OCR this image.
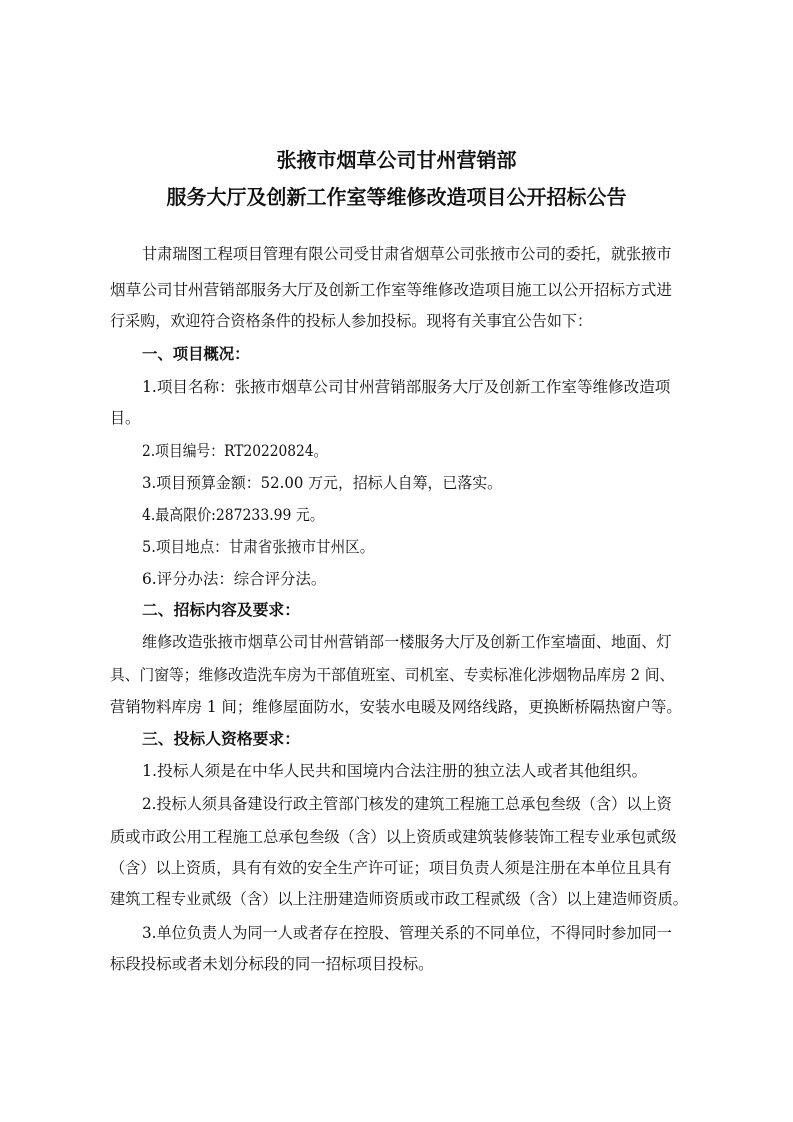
张掖市烟草公司甘州营销部
服务大厅及创新工作室等维修改造项目公开招标公告

甘肃瑞图工程项目管理有限公司受甘肃省烟草公司张掖市公司的委托，就张掖市

烟草公司甘州营销部服务大厅及创新工作室等维修改造项目施工以公开招标方式进

行采购，欢迎符合资格条件的投标人参加投标。现将有关事宜公告如下：

一、项目概况：

1.项目名称：张掖市烟草公司甘州营销部服务大厅及创新工作室等维修改造项

目。

2.项目编号：RT20220824。

3.项目预算金额：52.00 万元，招标人自筹，已落实。

4.最高限价:287233.99 元。

5.项目地点：甘肃省张掖市甘州区。

6.评分办法：综合评分法。

二、招标内容及要求：

维修改造张掖市烟草公司甘州营销部一楼服务大厅及创新工作室墙面、地面、灯

具、门窗等；维修改造洗车房为干部值班室、司机室、专卖标准化涉烟物品库房 2 间、

营销物料库房 1 间；维修屋面防水，安装水电暖及网络线路，更换断桥隔热窗户等。

三、投标人资格要求：

1.投标人须是在中华人民共和国境内合法注册的独立法人或者其他组织。

2.投标人须具备建设行政主管部门核发的建筑工程施工总承包叁级（含）以上资

质或市政公用工程施工总承包叁级（含）以上资质或建筑装修装饰工程专业承包贰级

（含）以上资质，具有有效的安全生产许可证；项目负责人须是注册在本单位且具有

建筑工程专业贰级（含）以上注册建造师资质或市政工程贰级（含）以上建造师资质。

3.单位负责人为同一人或者存在控股、管理关系的不同单位，不得同时参加同一

标段投标或者未划分标段的同一招标项目投标。
